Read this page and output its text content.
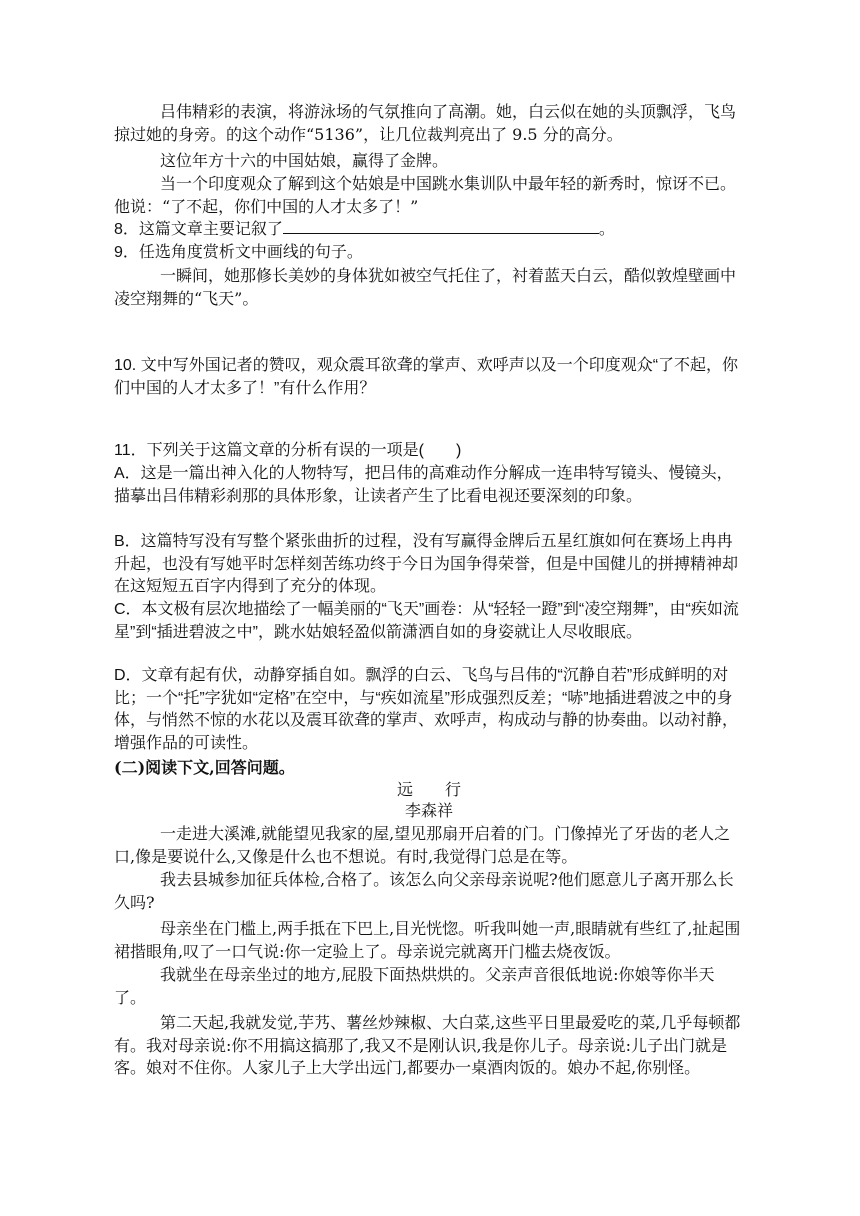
吕伟精彩的表演，将游泳场的气氛推向了高潮。她，白云似在她的头顶飘浮，飞鸟掠过她的身旁。的这个动作“5136”，让几位裁判亮出了 9.5 分的高分。
这位年方十六的中国姑娘，赢得了金牌。
当一个印度观众了解到这个姑娘是中国跳水集训队中最年轻的新秀时，惊讶不已。他说：“了不起，你们中国的人才太多了！”
8．这篇文章主要记叙了	。
9．任选角度赏析文中画线的句子。
一瞬间，她那修长美妙的身体犹如被空气托住了，衬着蓝天白云，酷似敦煌壁画中凌空翔舞的“飞天”。
10. 文中写外国记者的赞叹，观众震耳欲聋的掌声、欢呼声以及一个印度观众“了不起，你们中国的人才太多了！”有什么作用？
11．下列关于这篇文章的分析有误的一项是(　　)
A．这是一篇出神入化的人物特写，把吕伟的高难动作分解成一连串特写镜头、慢镜头，描摹出吕伟精彩刹那的具体形象，让读者产生了比看电视还要深刻的印象。
B．这篇特写没有写整个紧张曲折的过程，没有写赢得金牌后五星红旗如何在赛场上冉冉升起，也没有写她平时怎样刻苦练功终于今日为国争得荣誉，但是中国健儿的拼搏精神却在这短短五百字内得到了充分的体现。
C．本文极有层次地描绘了一幅美丽的“飞天”画卷：从“轻轻一蹬”到“凌空翔舞”，由“疾如流星”到“插进碧波之中”，跳水姑娘轻盈似箭潇洒自如的身姿就让人尽收眼底。
D．文章有起有伏，动静穿插自如。飘浮的白云、飞鸟与吕伟的“沉静自若”形成鲜明的对比；一个“托”字犹如“定格”在空中，与“疾如流星”形成强烈反差；“哧”地插进碧波之中的身体，与悄然不惊的水花以及震耳欲聋的掌声、欢呼声，构成动与静的协奏曲。以动衬静，增强作品的可读性。
(二)阅读下文,回答问题。
远　　行
李森祥
一走进大溪滩,就能望见我家的屋,望见那扇开启着的门。门像掉光了牙齿的老人之口,像是要说什么,又像是什么也不想说。有时,我觉得门总是在等。
我去县城参加征兵体检,合格了。该怎么向父亲母亲说呢?他们愿意儿子离开那么长久吗?
母亲坐在门槛上,两手抵在下巴上,目光恍惚。听我叫她一声,眼睛就有些红了,扯起围裙揩眼角,叹了一口气说:你一定验上了。母亲说完就离开门槛去烧夜饭。
我就坐在母亲坐过的地方,屁股下面热烘烘的。父亲声音很低地说:你娘等你半天了。
第二天起,我就发觉,芋艿、薯丝炒辣椒、大白菜,这些平日里最爱吃的菜,几乎每顿都有。我对母亲说:你不用搞这搞那了,我又不是刚认识,我是你儿子。母亲说:儿子出门就是客。娘对不住你。人家儿子上大学出远门,都要办一桌酒肉饭的。娘办不起,你别怪。
